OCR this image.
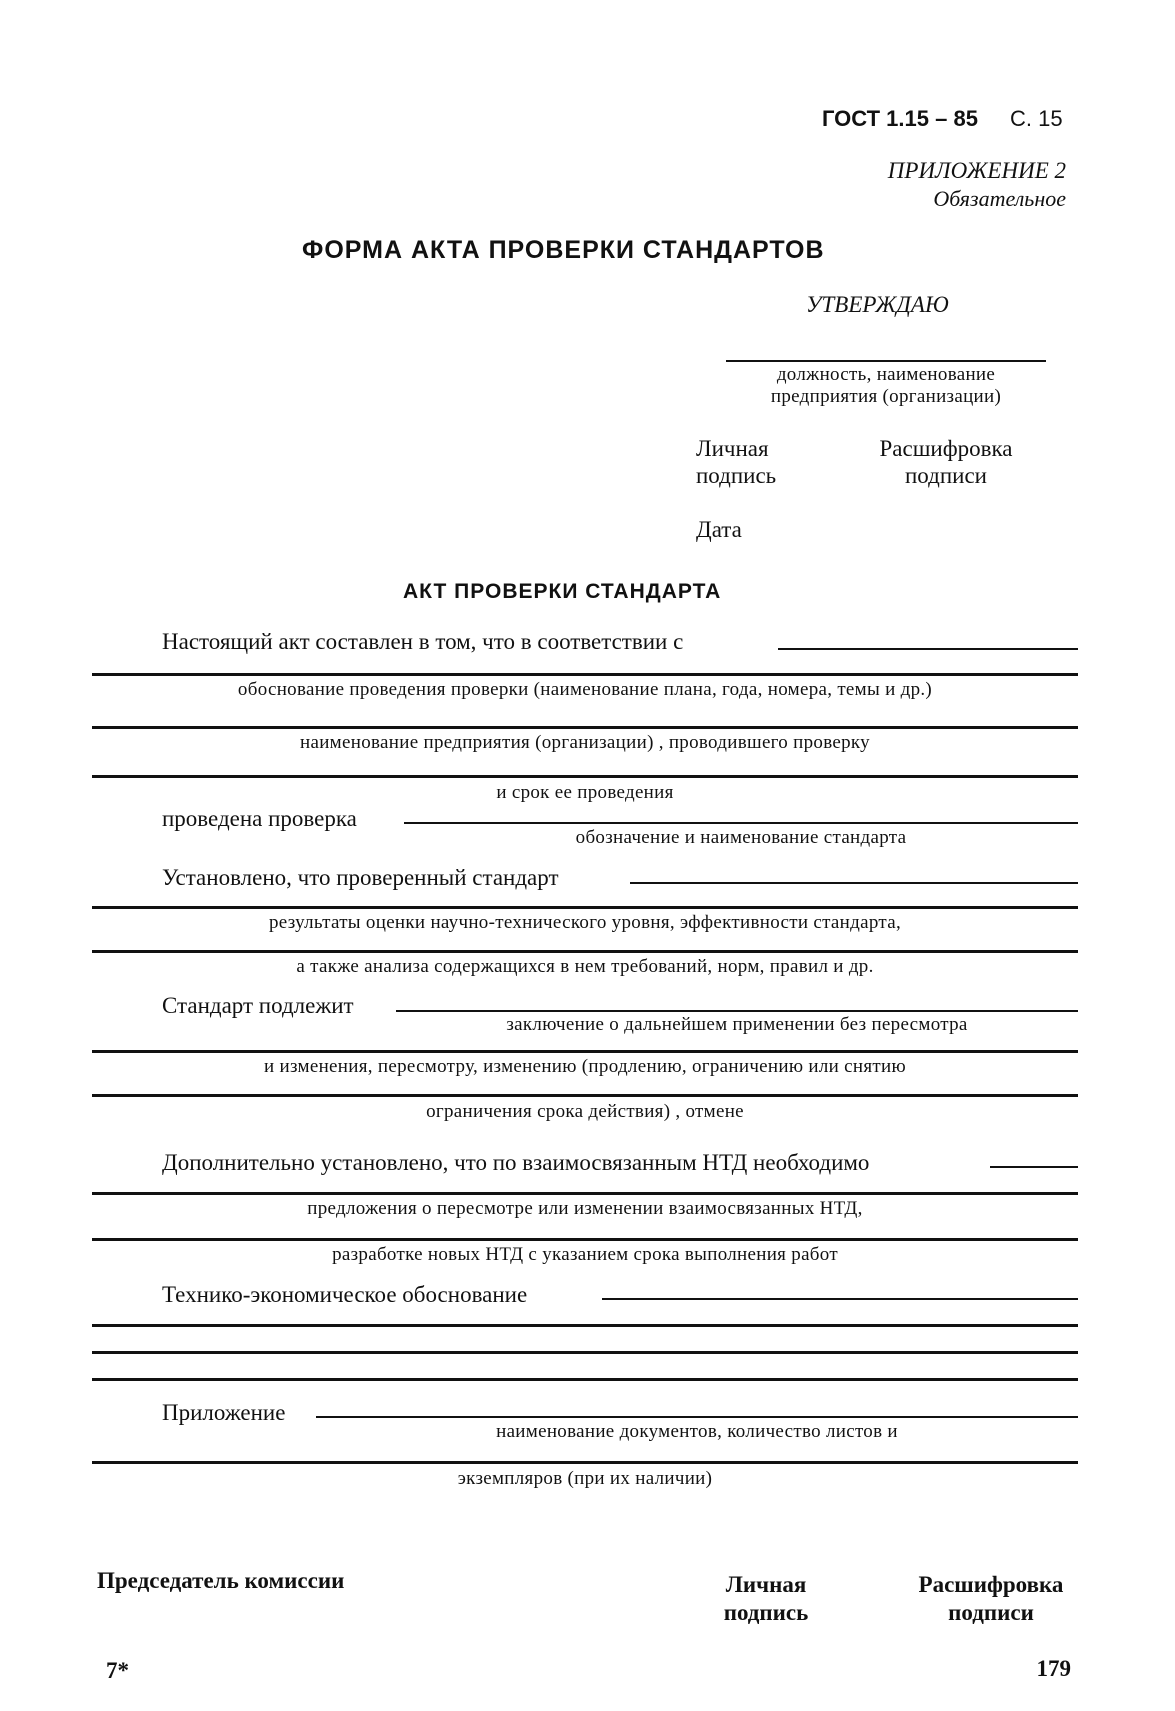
ГОСТ 1.15 – 85 С. 15
ПРИЛОЖЕНИЕ 2
Обязательное
ФОРМА АКТА ПРОВЕРКИ СТАНДАРТОВ
УТВЕРЖДАЮ
должность, наименование
предприятия (организации)
Личная
подпись
Расшифровка
подписи
Дата
АКТ ПРОВЕРКИ СТАНДАРТА
Настоящий акт составлен в том, что в соответствии с
обоснование проведения проверки (наименование плана, года, номера, темы и др.)
наименование предприятия (организации) , проводившего проверку
и срок ее проведения
проведена проверка
обозначение и наименование стандарта
Установлено, что проверенный стандарт
результаты оценки научно-технического уровня, эффективности стандарта,
а также анализа содержащихся в нем требований, норм, правил и др.
Стандарт подлежит
заключение о дальнейшем применении без пересмотра
и изменения, пересмотру, изменению (продлению, ограничению или снятию
ограничения срока действия) , отмене
Дополнительно установлено, что по взаимосвязанным НТД необходимо
предложения о пересмотре или изменении взаимосвязанных НТД,
разработке новых НТД с указанием срока выполнения работ
Технико-экономическое обоснование
Приложение
наименование документов, количество листов и
экземпляров (при их наличии)
Председатель комиссии	Личная
подпись
Расшифровка
подписи
7*	179
